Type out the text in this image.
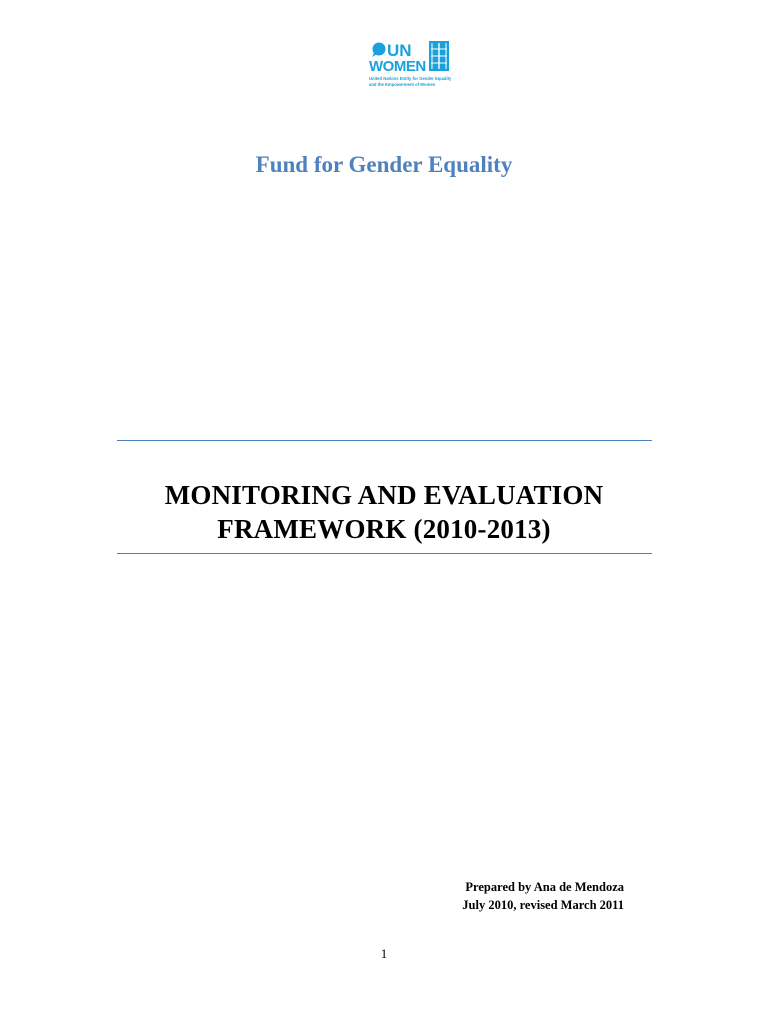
UN
WOMEN
United Nations Entity for Gender Equality
and the Empowerment of Women
Fund for Gender Equality
MONITORING AND EVALUATION
FRAMEWORK (2010-2013)
Prepared by Ana de Mendoza
July 2010, revised March 2011
1
